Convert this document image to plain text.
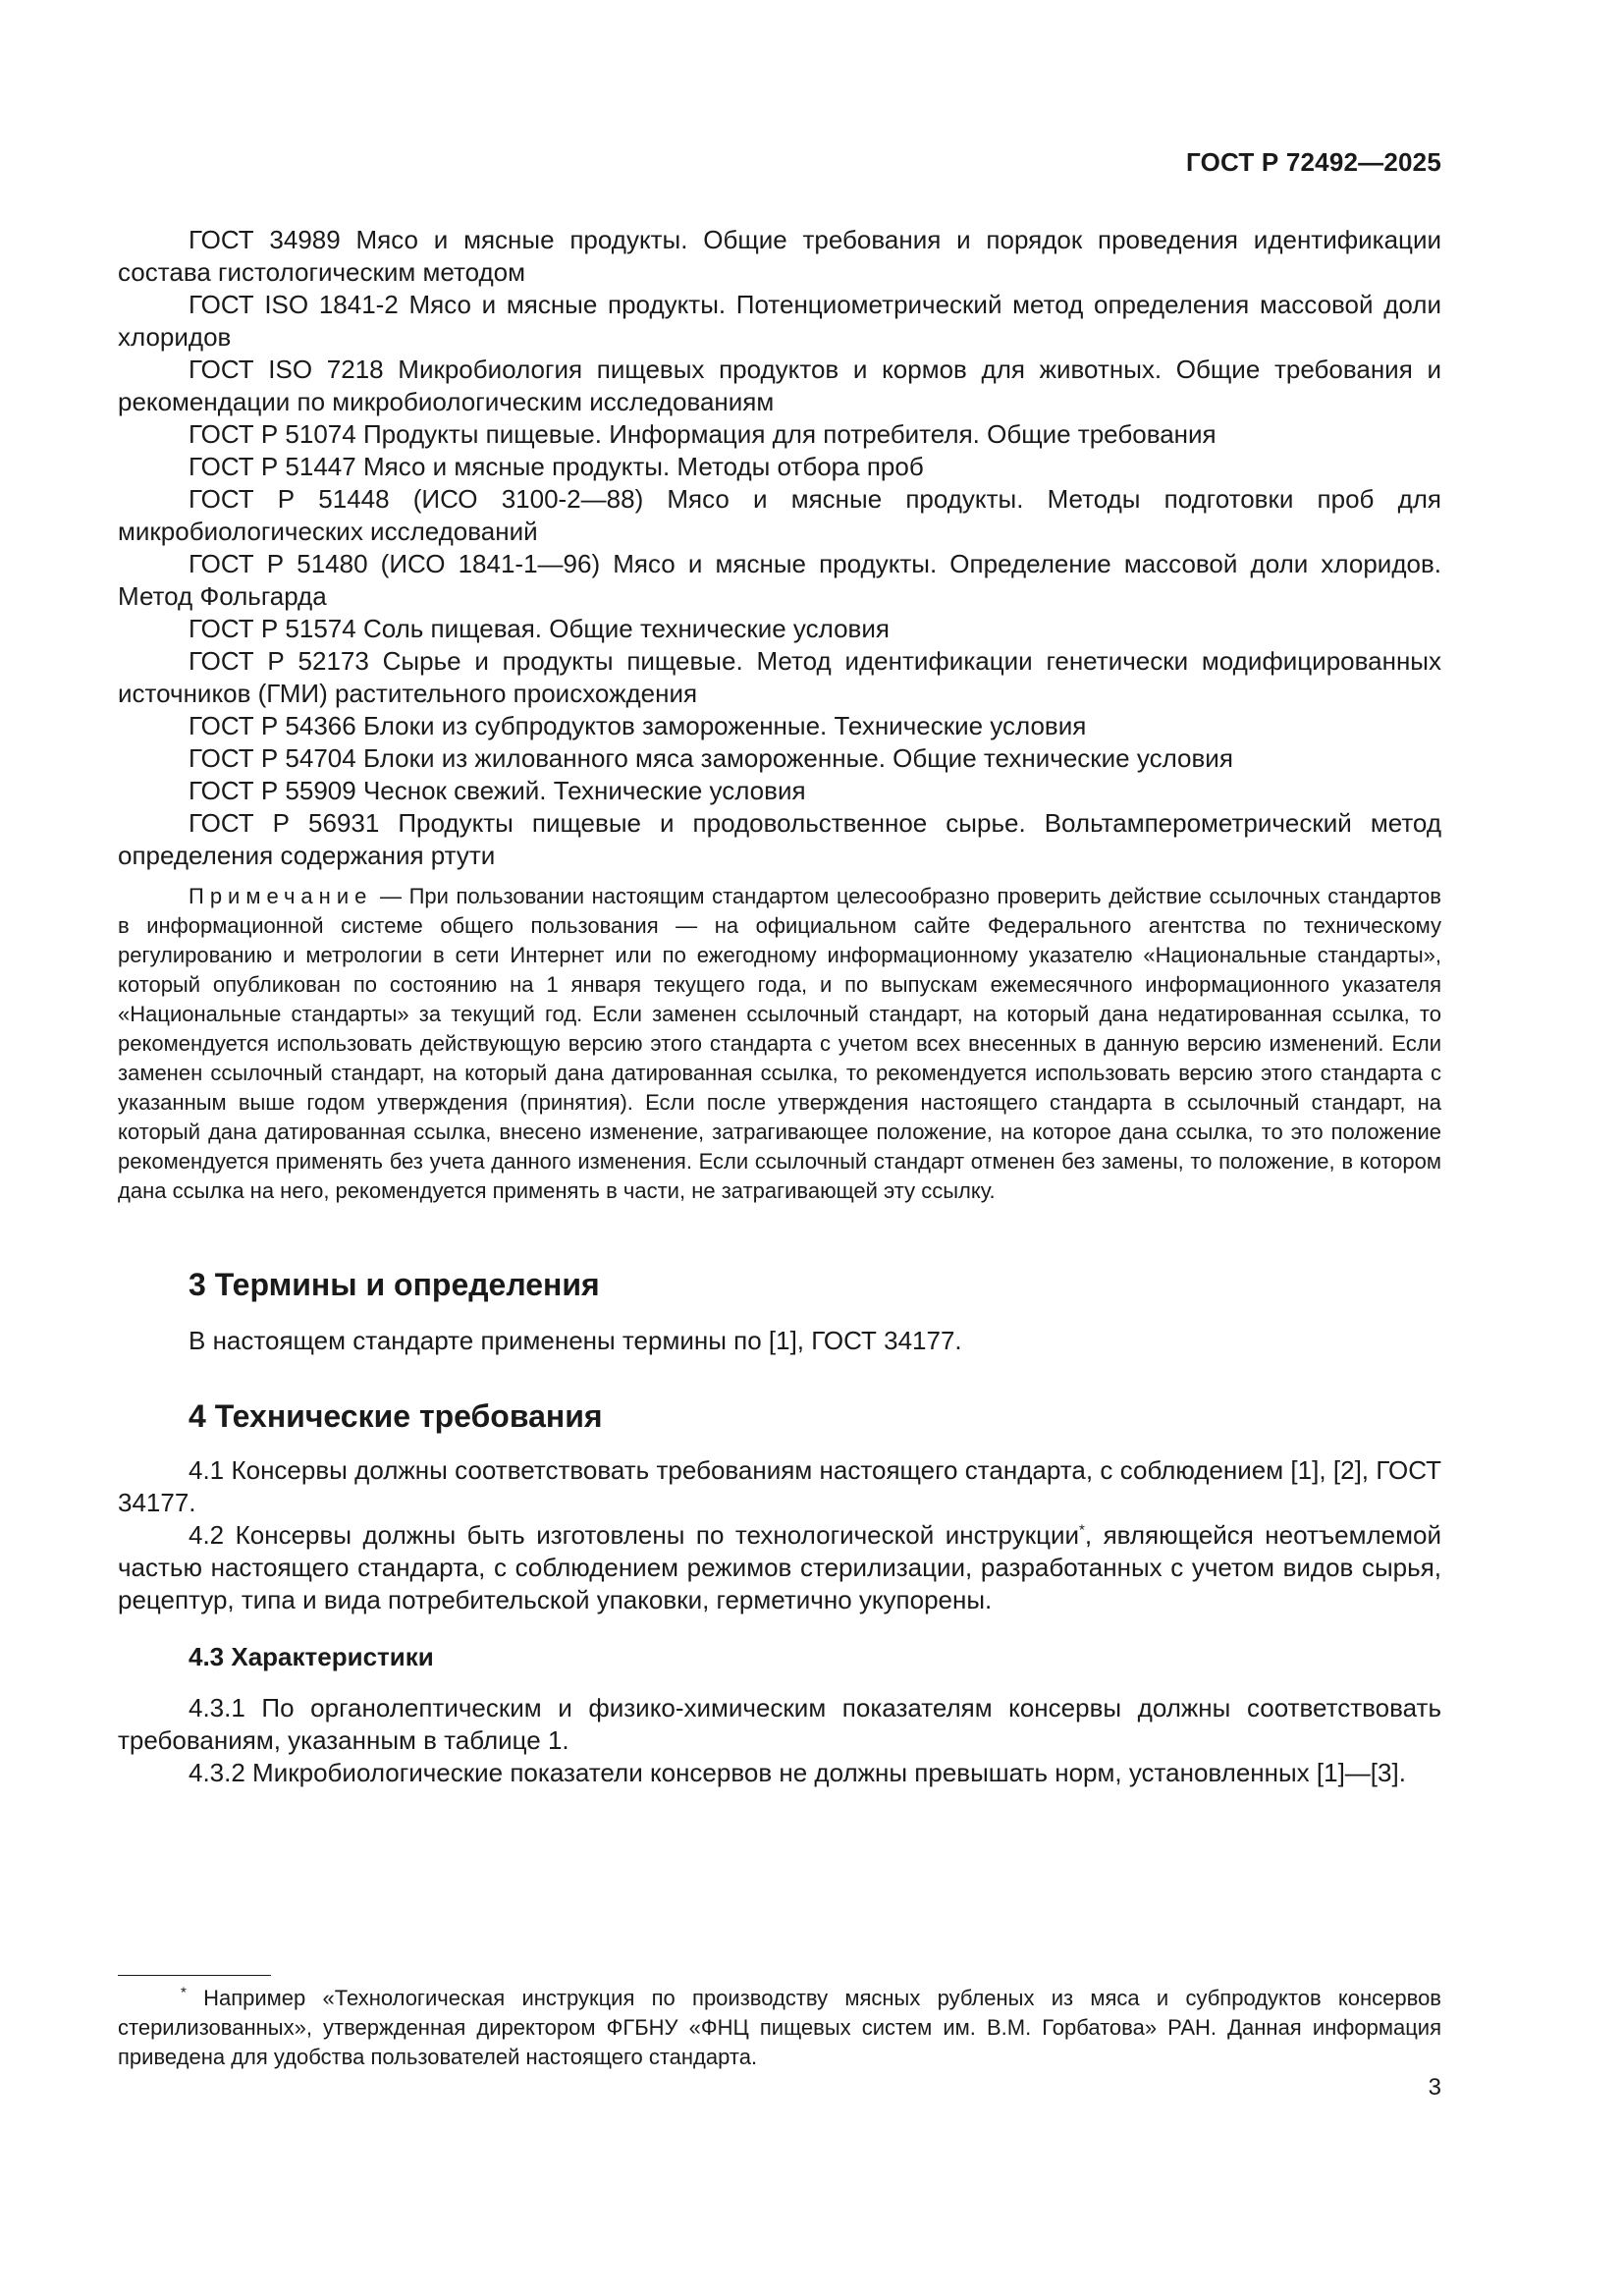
ГОСТ Р 72492—2025

ГОСТ 34989 Мясо и мясные продукты. Общие требования и порядок проведения идентификации состава гистологическим методом

ГОСТ ISO 1841-2 Мясо и мясные продукты. Потенциометрический метод определения массовой доли хлоридов

ГОСТ ISO 7218 Микробиология пищевых продуктов и кормов для животных. Общие требования и рекомендации по микробиологическим исследованиям

ГОСТ Р 51074 Продукты пищевые. Информация для потребителя. Общие требования

ГОСТ Р 51447 Мясо и мясные продукты. Методы отбора проб

ГОСТ Р 51448 (ИСО 3100-2—88) Мясо и мясные продукты. Методы подготовки проб для микробиологических исследований

ГОСТ Р 51480 (ИСО 1841-1—96) Мясо и мясные продукты. Определение массовой доли хлоридов. Метод Фольгарда

ГОСТ Р 51574 Соль пищевая. Общие технические условия

ГОСТ Р 52173 Сырье и продукты пищевые. Метод идентификации генетически модифицированных источников (ГМИ) растительного происхождения

ГОСТ Р 54366 Блоки из субпродуктов замороженные. Технические условия

ГОСТ Р 54704 Блоки из жилованного мяса замороженные. Общие технические условия

ГОСТ Р 55909 Чеснок свежий. Технические условия

ГОСТ Р 56931 Продукты пищевые и продовольственное сырье. Вольтамперометрический метод определения содержания ртути

Примечание — При пользовании настоящим стандартом целесообразно проверить действие ссылочных стандартов в информационной системе общего пользования — на официальном сайте Федерального агентства по техническому регулированию и метрологии в сети Интернет или по ежегодному информационному указателю «Национальные стандарты», который опубликован по состоянию на 1 января текущего года, и по выпускам ежемесячного информационного указателя «Национальные стандарты» за текущий год. Если заменен ссылочный стандарт, на который дана недатированная ссылка, то рекомендуется использовать действующую версию этого стандарта с учетом всех внесенных в данную версию изменений. Если заменен ссылочный стандарт, на который дана датированная ссылка, то рекомендуется использовать версию этого стандарта с указанным выше годом утверждения (принятия). Если после утверждения настоящего стандарта в ссылочный стандарт, на который дана датированная ссылка, внесено изменение, затрагивающее положение, на которое дана ссылка, то это положение рекомендуется применять без учета данного изменения. Если ссылочный стандарт отменен без замены, то положение, в котором дана ссылка на него, рекомендуется применять в части, не затрагивающей эту ссылку.

3 Термины и определения

В настоящем стандарте применены термины по [1], ГОСТ 34177.

4 Технические требования

4.1 Консервы должны соответствовать требованиям настоящего стандарта, с соблюдением [1], [2], ГОСТ 34177.

4.2 Консервы должны быть изготовлены по технологической инструкции*, являющейся неотъемлемой частью настоящего стандарта, с соблюдением режимов стерилизации, разработанных с учетом видов сырья, рецептур, типа и вида потребительской упаковки, герметично укупорены.

4.3 Характеристики

4.3.1 По органолептическим и физико-химическим показателям консервы должны соответствовать требованиям, указанным в таблице 1.

4.3.2 Микробиологические показатели консервов не должны превышать норм, установленных [1]—[3].

* Например «Технологическая инструкция по производству мясных рубленых из мяса и субпродуктов консервов стерилизованных», утвержденная директором ФГБНУ «ФНЦ пищевых систем им. В.М. Горбатова» РАН. Данная информация приведена для удобства пользователей настоящего стандарта.

3
